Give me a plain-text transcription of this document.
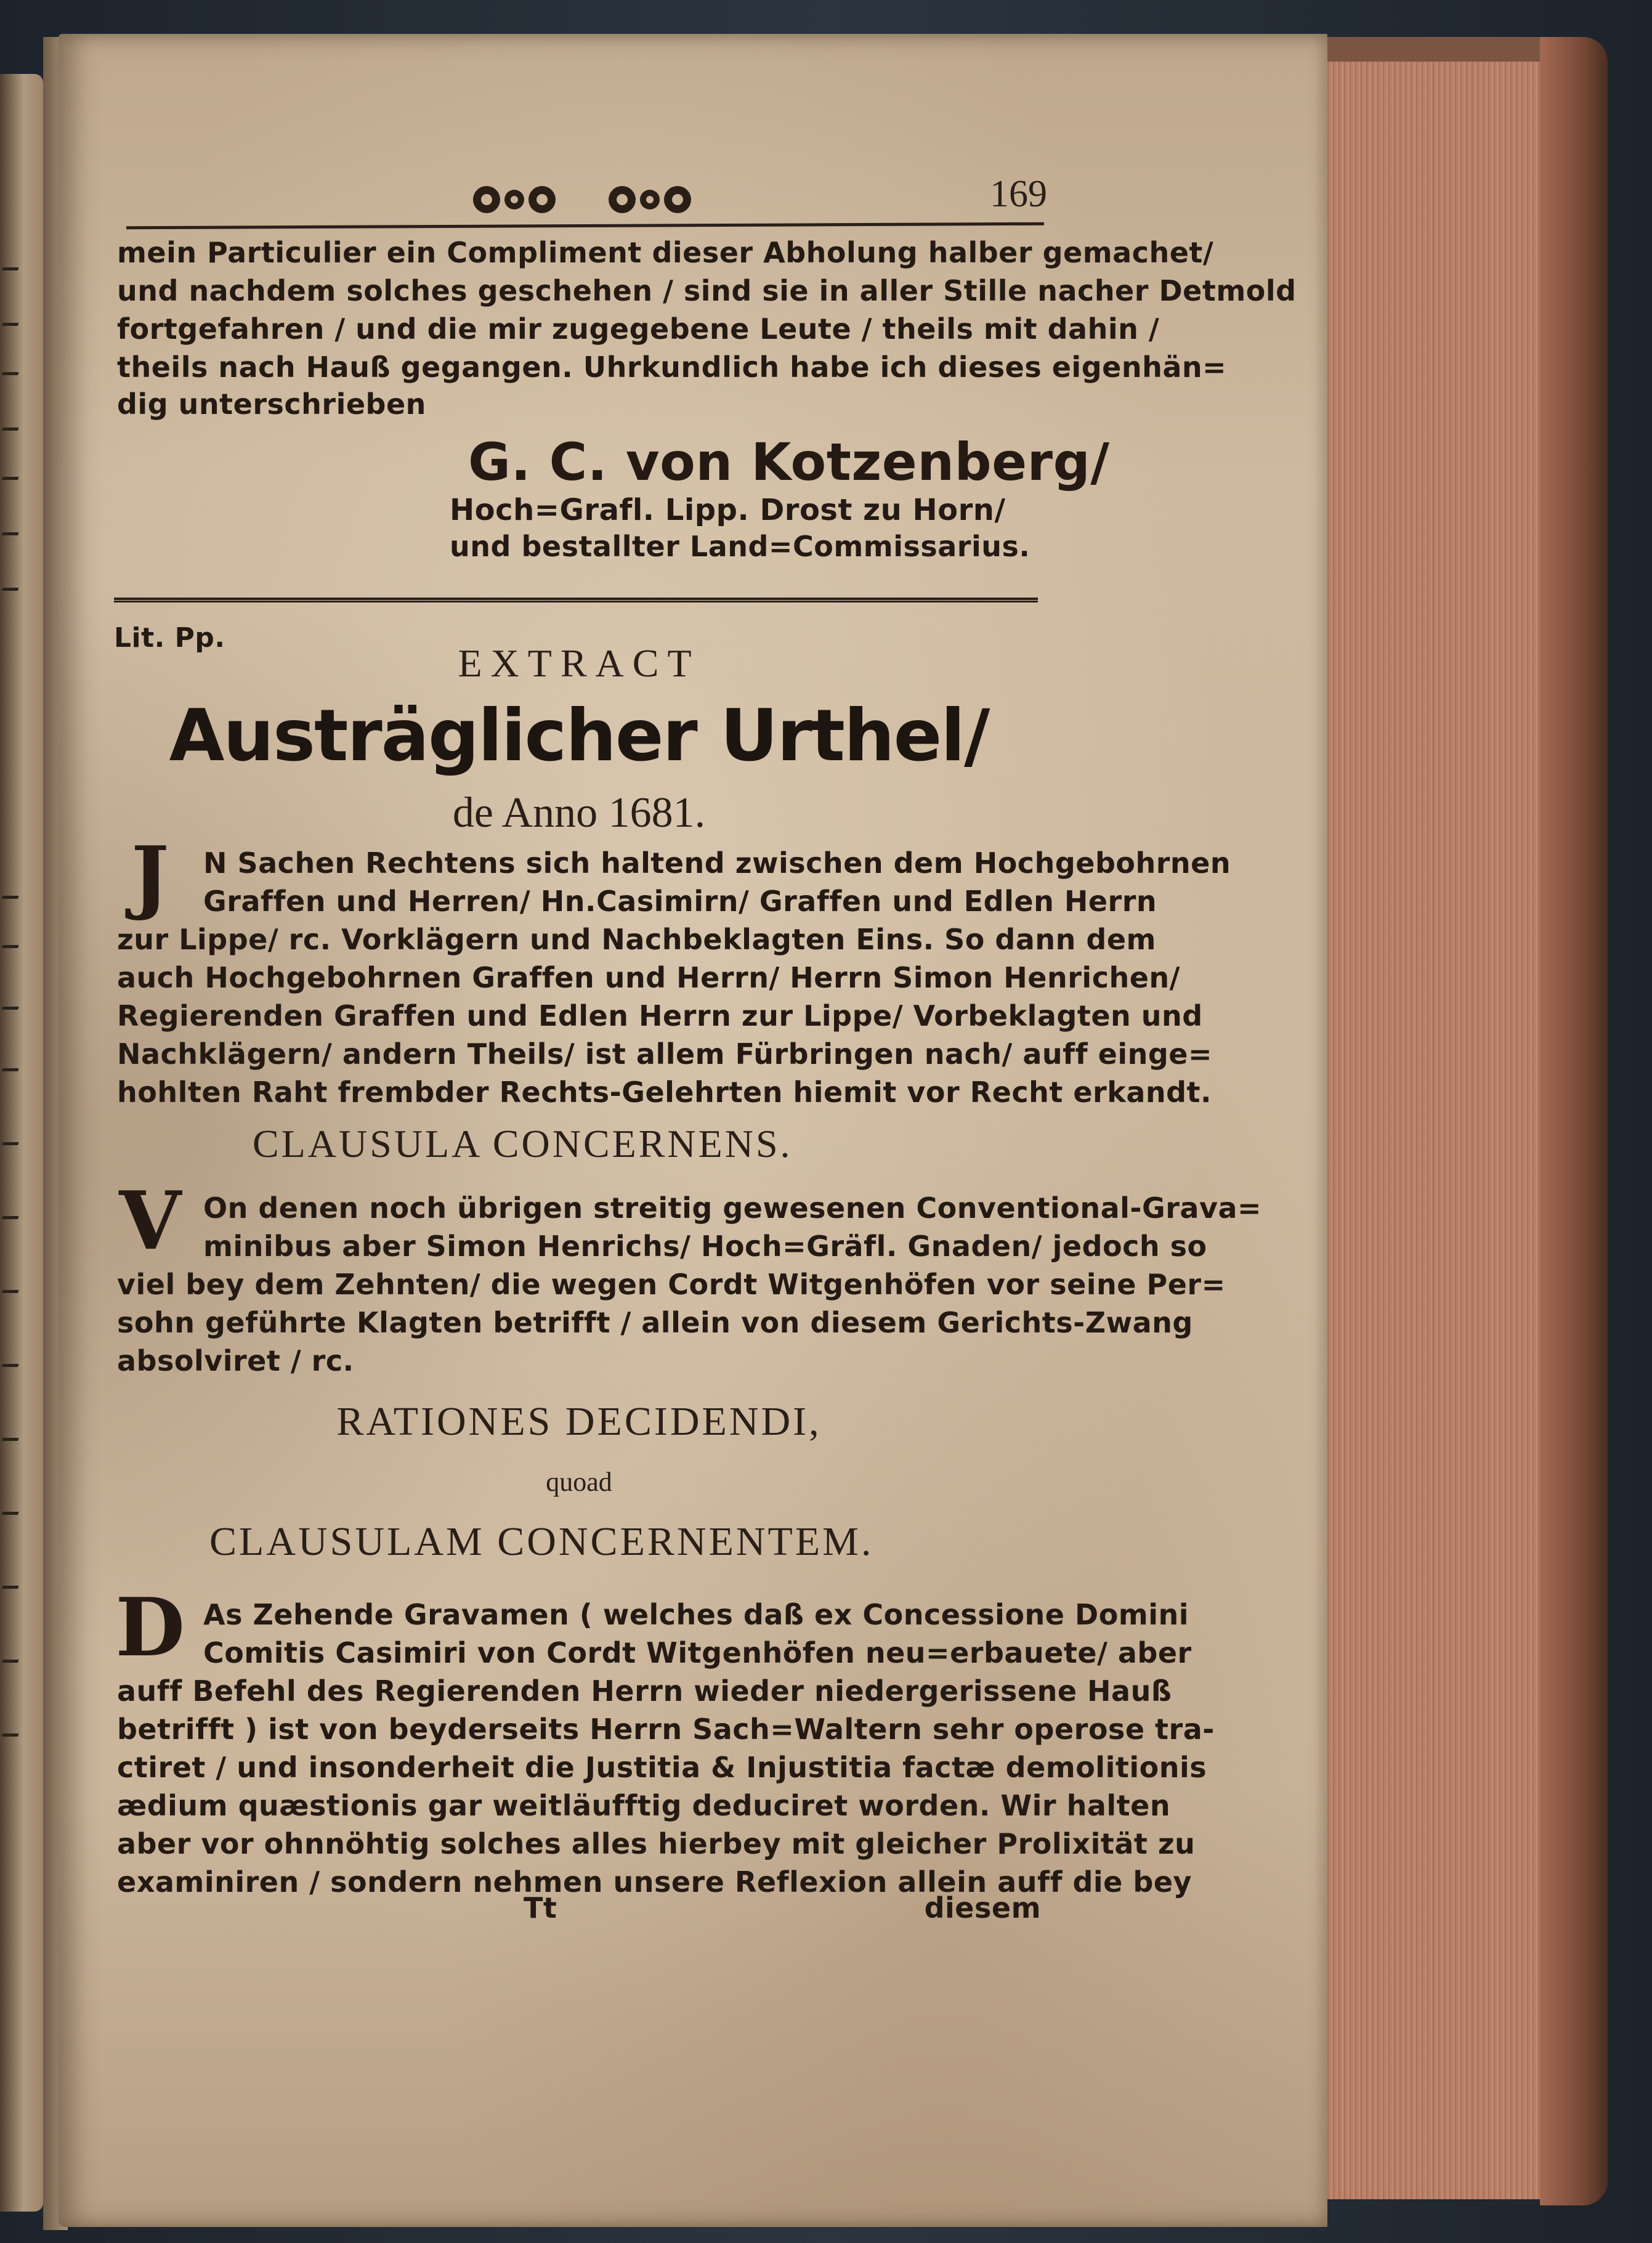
169
mein Particulier ein Compliment dieser Abholung halber gemachet/
und nachdem solches geschehen / sind sie in aller Stille nacher Detmold
fortgefahren / und die mir zugegebene Leute / theils mit dahin /
theils nach Hauß gegangen. Uhrkundlich habe ich dieses eigenhän=
dig unterschrieben
G. C. von Kotzenberg/
Hoch=Grafl. Lipp. Drost zu Horn/
und bestallter Land=Commissarius.
Lit. Pp.
EXTRACT
Austräglicher Urthel/
de Anno 1681.
J	N Sachen Rechtens sich haltend zwischen dem Hochgebohrnen
Graffen und Herren/ Hn.Casimirn/ Graffen und Edlen Herrn
zur Lippe/ rc. Vorklägern und Nachbeklagten Eins. So dann dem
auch Hochgebohrnen Graffen und Herrn/ Herrn Simon Henrichen/
Regierenden Graffen und Edlen Herrn zur Lippe/ Vorbeklagten und
Nachklägern/ andern Theils/ ist allem Fürbringen nach/ auff einge=
hohlten Raht frembder Rechts-Gelehrten hiemit vor Recht erkandt.
CLAUSULA CONCERNENS.
V On denen noch übrigen streitig gewesenen Conventional-Grava=
minibus aber Simon Henrichs/ Hoch=Gräfl. Gnaden/ jedoch so
viel bey dem Zehnten/ die wegen Cordt Witgenhöfen vor seine Per=
sohn geführte Klagten betrifft / allein von diesem Gerichts-Zwang
absolviret / rc.
RATIONES DECIDENDI,
quoad
CLAUSULAM CONCERNENTEM.
D As Zehende Gravamen ( welches daß ex Concessione Domini
Comitis Casimiri von Cordt Witgenhöfen neu=erbauete/ aber
auff Befehl des Regierenden Herrn wieder niedergerissene Hauß
betrifft ) ist von beyderseits Herrn Sach=Waltern sehr operose tra-
ctiret / und insonderheit die Justitia & Injustitia factæ demolitionis
ædium quæstionis gar weitläufftig deduciret worden. Wir halten
aber vor ohnnöhtig solches alles hierbey mit gleicher Prolixität zu
examiniren / sondern nehmen unsere Reflexion allein auff die bey
Tt	diesem
